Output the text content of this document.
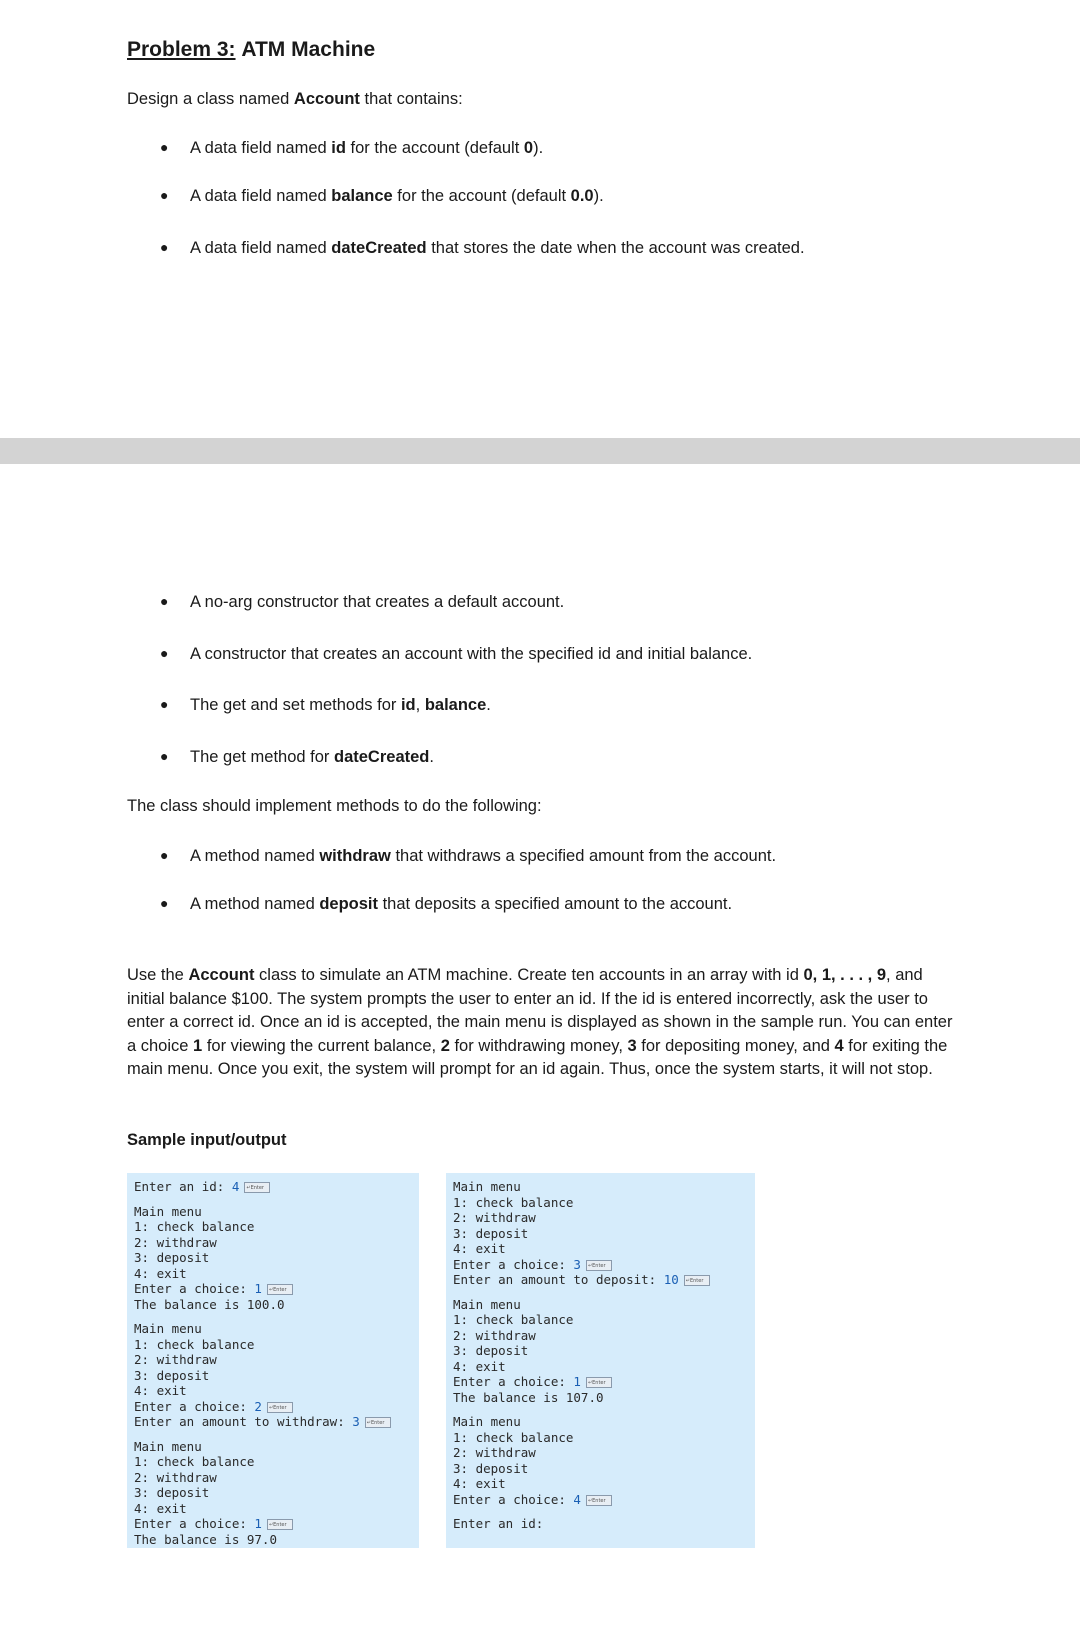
Problem 3: ATM Machine

Design a class named Account that contains:

●	A data field named id for the account (default 0).
●	A data field named balance for the account (default 0.0).
●	A data field named dateCreated that stores the date when the account was created.
●	A no-arg constructor that creates a default account.
●	A constructor that creates an account with the specified id and initial balance.
●	The get and set methods for id, balance.
●	The get method for dateCreated.

The class should implement methods to do the following:

●	A method named withdraw that withdraws a specified amount from the account.
●	A method named deposit that deposits a specified amount to the account.

Use the Account class to simulate an ATM machine. Create ten accounts in an array with id 0, 1, . . . , 9, and initial balance $100. The system prompts the user to enter an id. If the id is entered incorrectly, ask the user to enter a correct id. Once an id is accepted, the main menu is displayed as shown in the sample run. You can enter a choice 1 for viewing the current balance, 2 for withdrawing money, 3 for depositing money, and 4 for exiting the main menu. Once you exit, the system will prompt for an id again. Thus, once the system starts, it will not stop.

Sample input/output

Enter an id: 4 ↵Enter
Main menu
1: check balance
2: withdraw
3: deposit
4: exit
Enter a choice: 1 ↵Enter
The balance is 100.0
Main menu
1: check balance
2: withdraw
3: deposit
4: exit
Enter a choice: 2 ↵Enter
Enter an amount to withdraw: 3 ↵Enter
Main menu
1: check balance
2: withdraw
3: deposit
4: exit
Enter a choice: 1 ↵Enter
The balance is 97.0
Main menu
1: check balance
2: withdraw
3: deposit
4: exit
Enter a choice: 3 ↵Enter
Enter an amount to deposit: 10 ↵Enter
Main menu
1: check balance
2: withdraw
3: deposit
4: exit
Enter a choice: 1 ↵Enter
The balance is 107.0
Main menu
1: check balance
2: withdraw
3: deposit
4: exit
Enter a choice: 4 ↵Enter
Enter an id:
